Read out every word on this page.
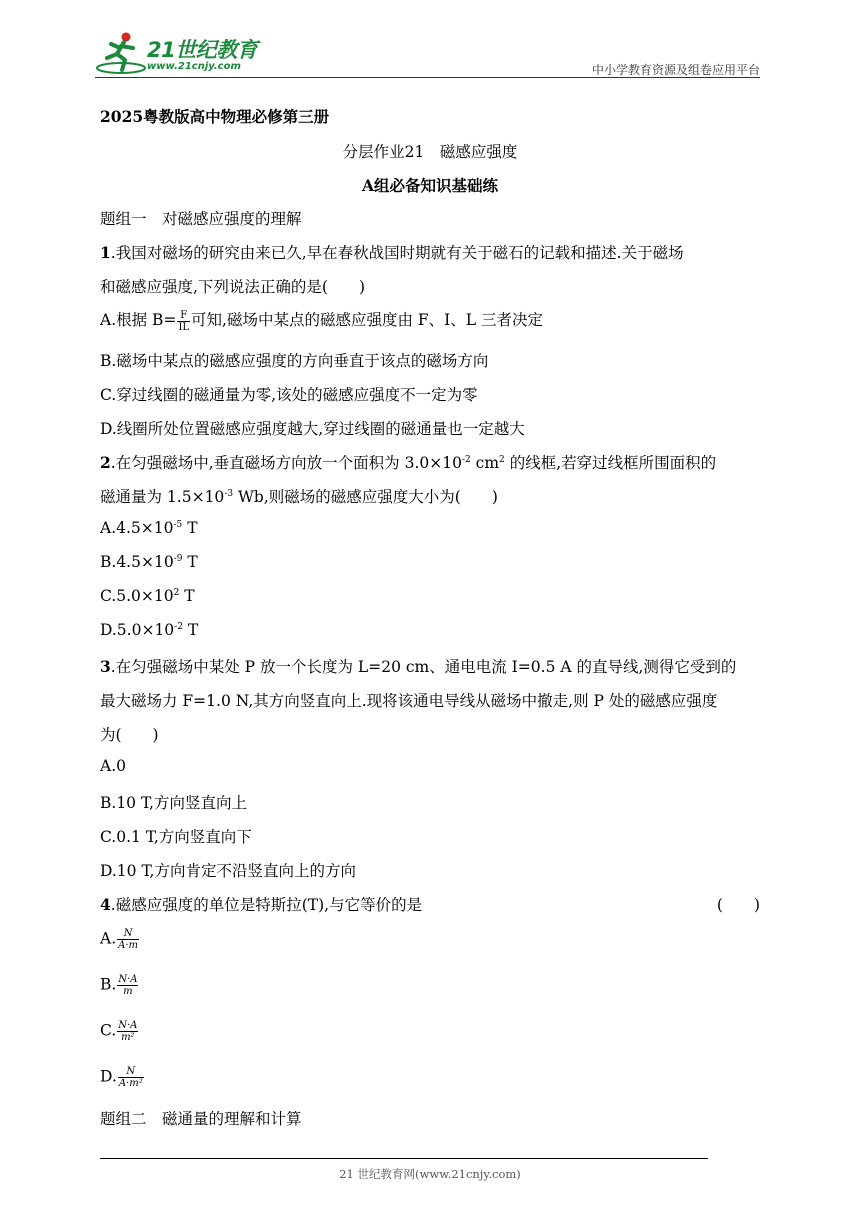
21世纪教育
www.21cnjy.com	中小学教育资源及组卷应用平台
2025粤教版高中物理必修第三册
分层作业21　磁感应强度
A组必备知识基础练
题组一　对磁感应强度的理解
1.我国对磁场的研究由来已久,早在春秋战国时期就有关于磁石的记载和描述.关于磁场
和磁感应强度,下列说法正确的是(　　)
A.根据 $B= \frac{F}{IL}$ 可知,磁场中某点的磁感应强度由 F、I、L 三者决定
B.磁场中某点的磁感应强度的方向垂直于该点的磁场方向
C.穿过线圈的磁通量为零,该处的磁感应强度不一定为零
D.线圈所处位置磁感应强度越大,穿过线圈的磁通量也一定越大
2.在匀强磁场中,垂直磁场方向放一个面积为 $3.0\times 10^{-2}$ $cm^2$ 的线框,若穿过线框所围面积的
磁通量为 $1.5\times 10^{-3}$ Wb,则磁场的磁感应强度大小为(　　)
$A.4.5\times 10^{-5}$ T
$B.4.5\times 10^{-9}$ T
$C.5.0\times 10^2$ T
$D.5.0\times 10^{-2}$ T
3.在匀强磁场中某处 P 放一个长度为 L=20 cm、通电电流 I=0.5 A 的直导线,测得它受到的
最大磁场力 F=1.0 N,其方向竖直向上.现将该通电导线从磁场中撤走,则 P 处的磁感应强度
为(　　)
A.0
B.10 T,方向竖直向上
C.0.1 T,方向竖直向下
D.10 T,方向肯定不沿竖直向上的方向
4.磁感应强度的单位是特斯拉(T),与它等价的是	(　　)
A. $\frac{N}{A\cdot m}$
B. $\frac{N\cdot A}{m}$
C. $\frac{N\cdot A}{\text{m²}}$
D. $\frac{N}{\text{A·m²}}$
题组二　磁通量的理解和计算
21 世纪教育网(www.21cnjy.com)
